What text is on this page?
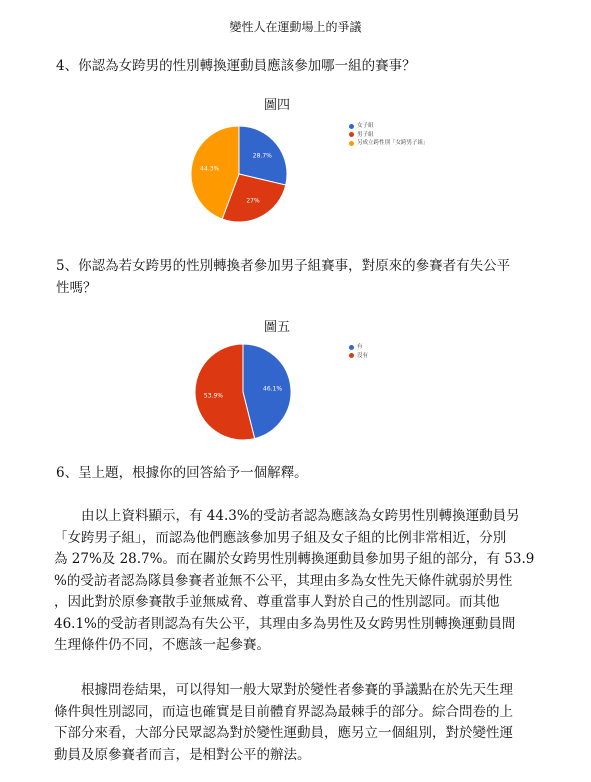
變性人在運動場上的爭議
4、你認為女跨男的性別轉換運動員應該參加哪一組的賽事？
圖四
28.7%
27%
44.3%
女子組
男子組
另成立跨性別「女跨男子組」
5、你認為若女跨男的性別轉換者參加男子組賽事，對原來的參賽者有失公平
性嗎？
圖五
46.1%
53.9%
有
沒有
6、呈上題，根據你的回答給予一個解釋。
　　由以上資料顯示，有 44.3%的受訪者認為應該為女跨男性別轉換運動員另
「女跨男子組」，而認為他們應該參加男子組及女子組的比例非常相近，分別
為 27%及 28.7%。而在關於女跨男性別轉換運動員參加男子組的部分，有 53.9
%的受訪者認為隊員參賽者並無不公平，其理由多為女性先天條件就弱於男性
，因此對於原參賽散手並無威脅、尊重當事人對於自己的性別認同。而其他
46.1%的受訪者則認為有失公平，其理由多為男性及女跨男性別轉換運動員間
生理條件仍不同，不應該一起參賽。
　　根據問卷結果，可以得知一般大眾對於變性者參賽的爭議點在於先天生理
條件與性別認同，而這也確實是目前體育界認為最棘手的部分。綜合問卷的上
下部分來看，大部分民眾認為對於變性運動員，應另立一個組別，對於變性運
動員及原參賽者而言，是相對公平的辦法。
